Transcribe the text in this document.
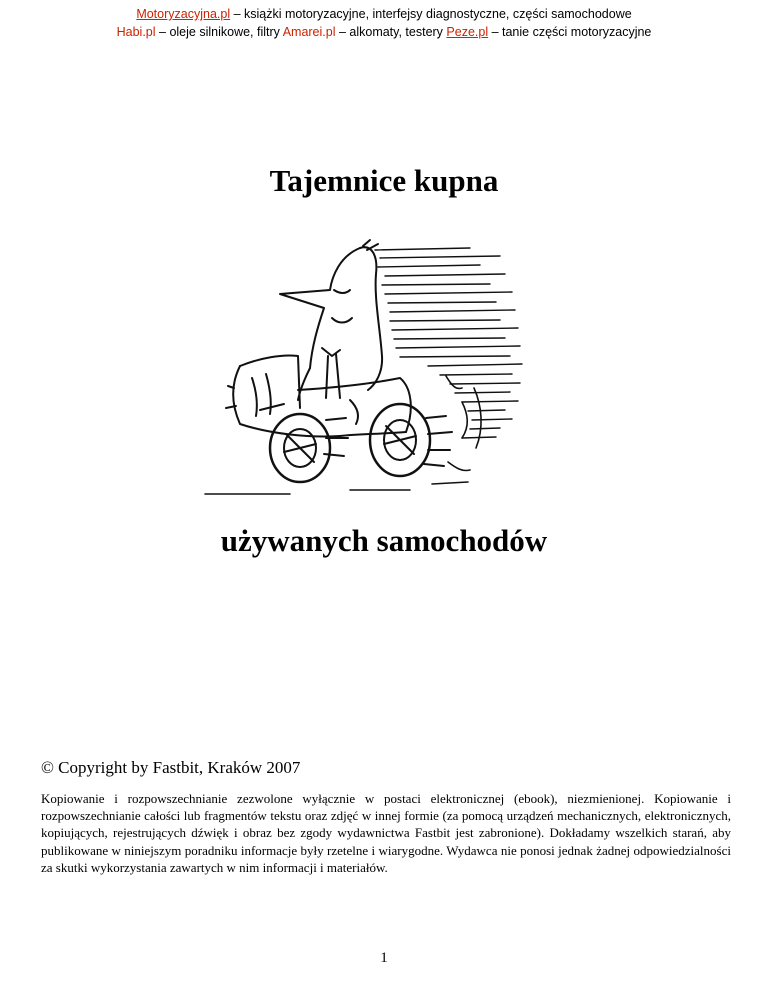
Motoryzacyjna.pl – książki motoryzacyjne, interfejsy diagnostyczne, części samochodowe
Habi.pl – oleje silnikowe, filtry Amarei.pl – alkomaty, testery Peze.pl – tanie części motoryzacyjne
Tajemnice kupna
używanych samochodów
© Copyright by Fastbit, Kraków 2007
Kopiowanie i rozpowszechnianie zezwolone wyłącznie w postaci elektronicznej (ebook), niezmienionej. Kopiowanie i rozpowszechnianie całości lub fragmentów tekstu oraz zdjęć w innej formie (za pomocą urządzeń mechanicznych, elektronicznych, kopiujących, rejestrujących dźwięk i obraz bez zgody wydawnictwa Fastbit jest zabronione). Dokładamy wszelkich starań, aby publikowane w niniejszym poradniku informacje były rzetelne i wiarygodne. Wydawca nie ponosi jednak żadnej odpowiedzialności za skutki wykorzystania zawartych w nim informacji i materiałów.
1
